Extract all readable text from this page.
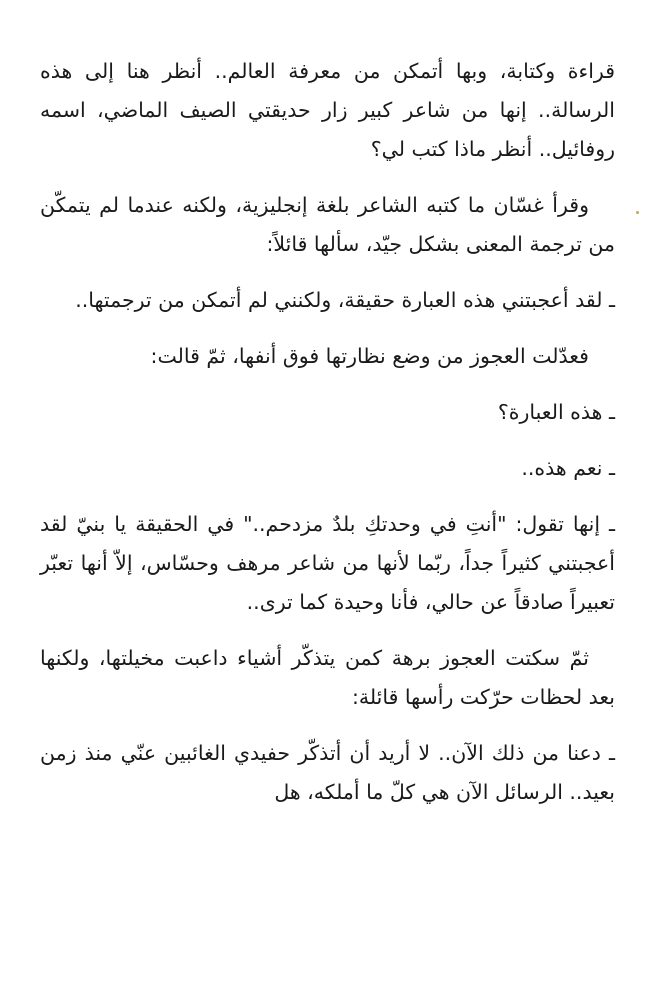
قراءة وكتابة، وبها أتمكن من معرفة العالم.. أنظر هنا إلى هذه الرسالة.. إنها من شاعر كبير زار حديقتي الصيف الماضي، اسمه روفائيل.. أنظر ماذا كتب لي؟

وقرأ غسّان ما كتبه الشاعر بلغة إنجليزية، ولكنه عندما لم يتمكّن من ترجمة المعنى بشكل جيّد، سألها قائلاً:

ـ لقد أعجبتني هذه العبارة حقيقة، ولكنني لم أتمكن من ترجمتها..

فعدّلت العجوز من وضع نظارتها فوق أنفها، ثمّ قالت:

ـ هذه العبارة؟

ـ نعم هذه..

ـ إنها تقول: "أنتِ في وحدتكِ بلدٌ مزدحم.." في الحقيقة يا بنيّ لقد أعجبتني كثيراً جداً، ربّما لأنها من شاعر مرهف وحسّاس، إلاّ أنها تعبّر تعبيراً صادقاً عن حالي، فأنا وحيدة كما ترى..

ثمّ سكتت العجوز برهة كمن يتذكّر أشياء داعبت مخيلتها، ولكنها بعد لحظات حرّكت رأسها قائلة:

ـ دعنا من ذلك الآن.. لا أريد أن أتذكّر حفيدي الغائبين عنّي منذ زمن بعيد.. الرسائل الآن هي كلّ ما أملكه، هل
